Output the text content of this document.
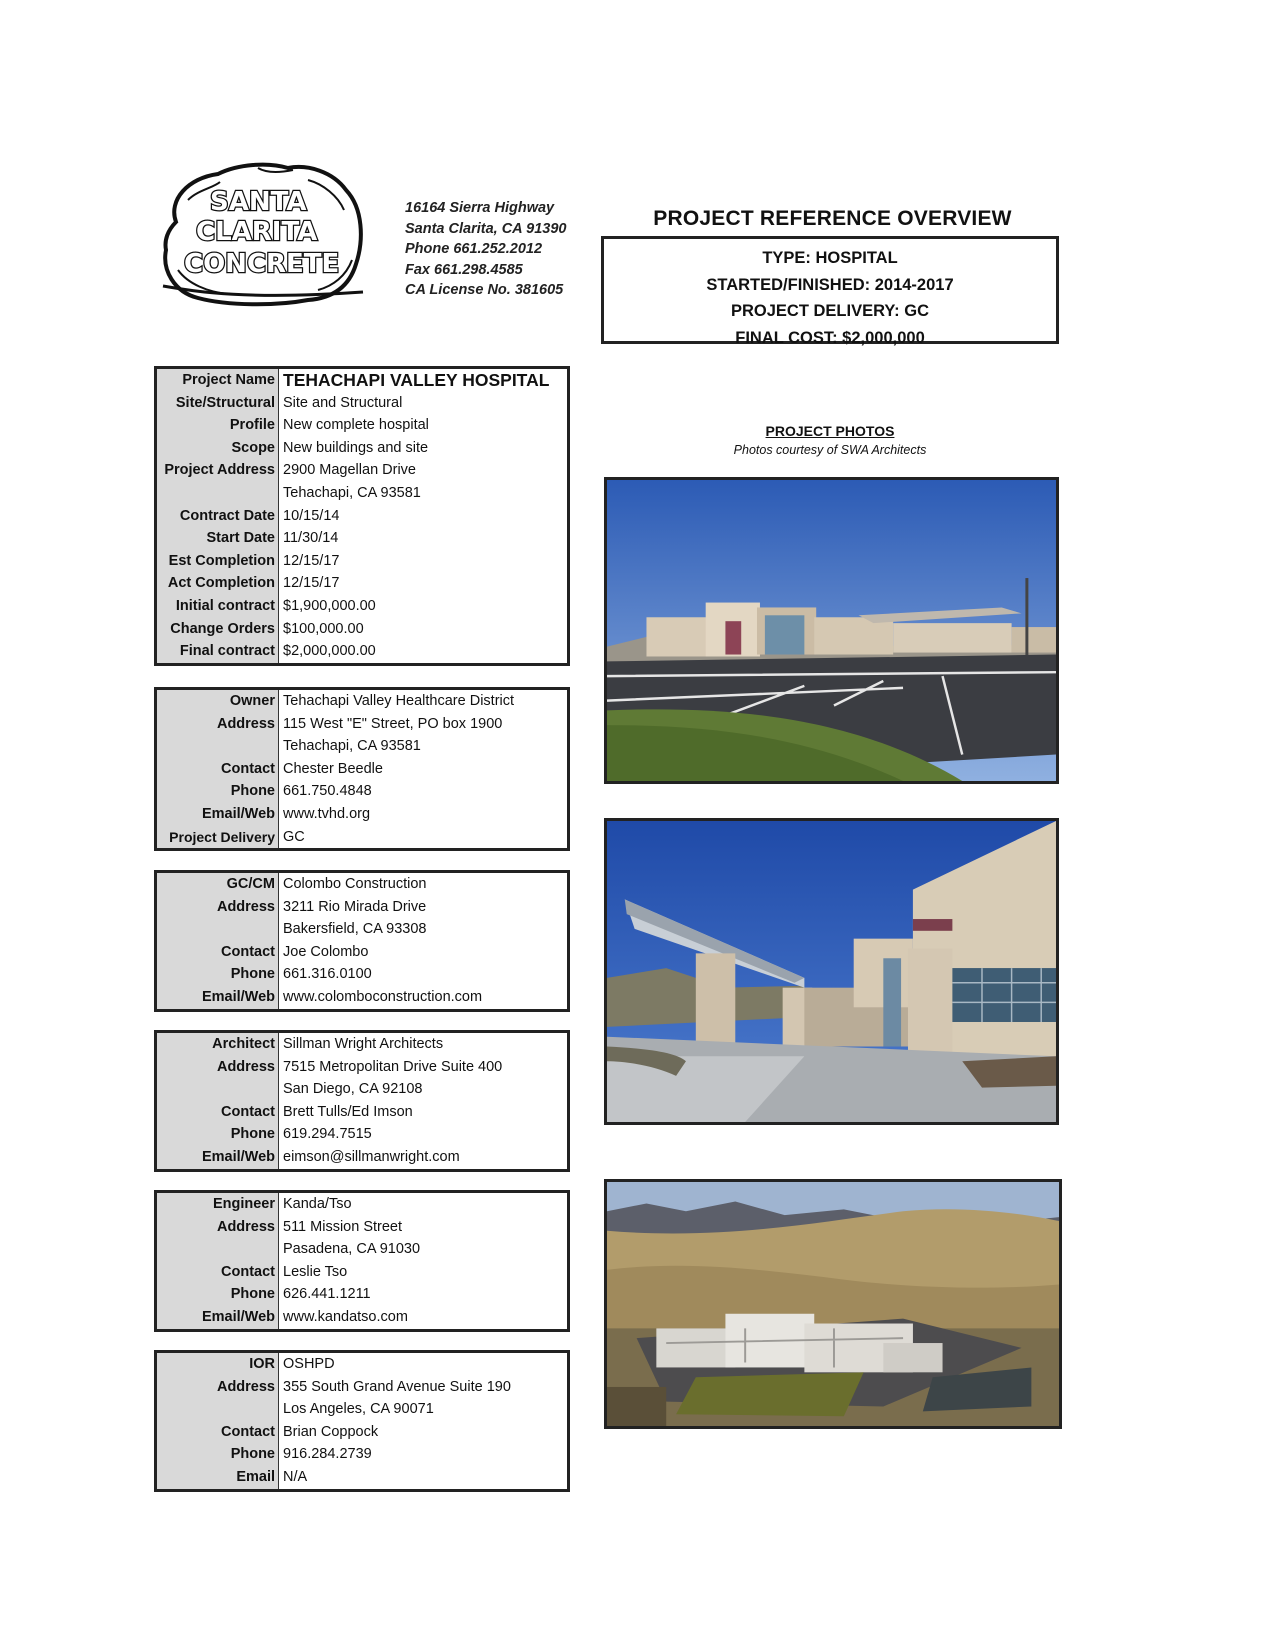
SANTA
CLARITA
CONCRETE
16164 Sierra Highway
Santa Clarita, CA 91390
Phone 661.252.2012
Fax 661.298.4585
CA License No. 381605
PROJECT REFERENCE OVERVIEW
TYPE: HOSPITAL
STARTED/FINISHED: 2014-2017
PROJECT DELIVERY: GC
FINAL COST: $2,000,000
Project Name TEHACHAPI VALLEY HOSPITAL
Site/Structural Site and Structural
Profile New complete hospital
Scope New buildings and site
Project Address 2900 Magellan Drive
Tehachapi, CA 93581
Contract Date 10/15/14
Start Date 11/30/14
Est Completion 12/15/17
Act Completion 12/15/17
Initial contract $1,900,000.00
Change Orders $100,000.00
Final contract $2,000,000.00
Owner Tehachapi Valley Healthcare District
Address 115 West "E" Street, PO box 1900
Tehachapi, CA 93581
Contact Chester Beedle
Phone 661.750.4848
Email/Web www.tvhd.org
Project Delivery GC
GC/CM Colombo Construction
Address 3211 Rio Mirada Drive
Bakersfield, CA 93308
Contact Joe Colombo
Phone 661.316.0100
Email/Web www.colomboconstruction.com
Architect Sillman Wright Architects
Address 7515 Metropolitan Drive Suite 400
San Diego, CA 92108
Contact Brett Tulls/Ed Imson
Phone 619.294.7515
Email/Web eimson@sillmanwright.com
Engineer Kanda/Tso
Address 511 Mission Street
Pasadena, CA 91030
Contact Leslie Tso
Phone 626.441.1211
Email/Web www.kandatso.com
IOR OSHPD
Address 355 South Grand Avenue Suite 190
Los Angeles, CA 90071
Contact Brian Coppock
Phone 916.284.2739
Email N/A
PROJECT PHOTOS
Photos courtesy of SWA Architects
